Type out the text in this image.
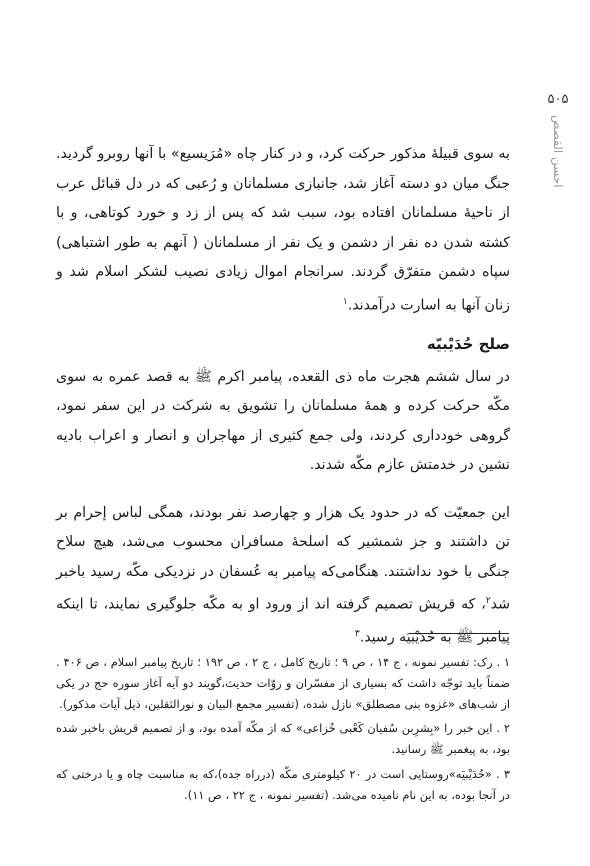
۵۰۵
احسن القصص

به سوی قبیلهٔ مذکور حرکت کرد، و در کنار چاه «مُرَیسیع» با آنها روبرو گردید. جنگ میان دو دسته آغاز شد، جانبازی مسلمانان و رُعبی که در دل قبائل عرب از ناحیهٔ مسلمانان افتاده بود، سبب شد که پس از زد و خورد کوتاهی، و با کشته شدن ده نفر از دشمن و یک نفر از مسلمانان ( آنهم به طور اشتباهی) سپاه دشمن متفرّق گردند. سرانجام اموال زیادی نصیب لشکر اسلام شد و زنان آنها به اسارت درآمدند.$^۱$

صلح حُدَیْبیّه

در سال ششم هجرت ماه ذی القعده، پیامبر اکرم ﷺ به قصد عمره به سوی مکّه حرکت کرده و همهٔ مسلمانان را تشویق به شرکت در این سفر نمود، گروهی خودداری کردند، ولی جمع کثیری از مهاجران و انصار و اعراب بادیه نشین در خدمتش عازم مکّه شدند.

این جمعیّت که در حدود یک هزار و چهارصد نفر بودند، همگی لباس إحرام بر تن داشتند و جز شمشیر که اسلحهٔ مسافران محسوب می‌شد، هیچ سلاح جنگی با خود نداشتند. هنگامی‌که پیامبر به عُسفان در نزدیکی مکّه رسید باخبر شد$^۲$، که قریش تصمیم گرفته اند از ورود او به مکّه جلوگیری نمایند، تا اینکه پیامبر ﷺ به حُدَیْبیَه رسید.$^۳$

۱ . رک: تفسیر نمونه ، ج ۱۴ ، ص ۹ ؛ تاریخ کامل ، ج ۲ ، ص ۱۹۲ ؛ تاریخ پیامبر اسلام ، ص ۴۰۶ . ضمناً باید توجّه داشت که بسیاری از مفسّران و روّات حدیث،گویند دو آیه آغاز سوره حج در یکی از شب‌های «غزوه بنی مصطلق» نازل شده، (تفسیر مجمع البیان و نورالثقلین، ذیل آیات مذکور).

۲ . این خبر را «بِشرِبن سُفیان کَعْبی خُزاعی» که از مکّه آمده بود، و از تصمیم قریش باخبر شده بود، به پیغمبر ﷺ رسانید.

۳ . «حُدَیْبیَه»روستایی است در ۲۰ کیلومتری مکّه (درراه جده)،که به مناسبت چاه و یا درختی که در آنجا بوده، به این نام نامیده می‌شد. (تفسیر نمونه ، ج ۲۲ ، ص ۱۱).
